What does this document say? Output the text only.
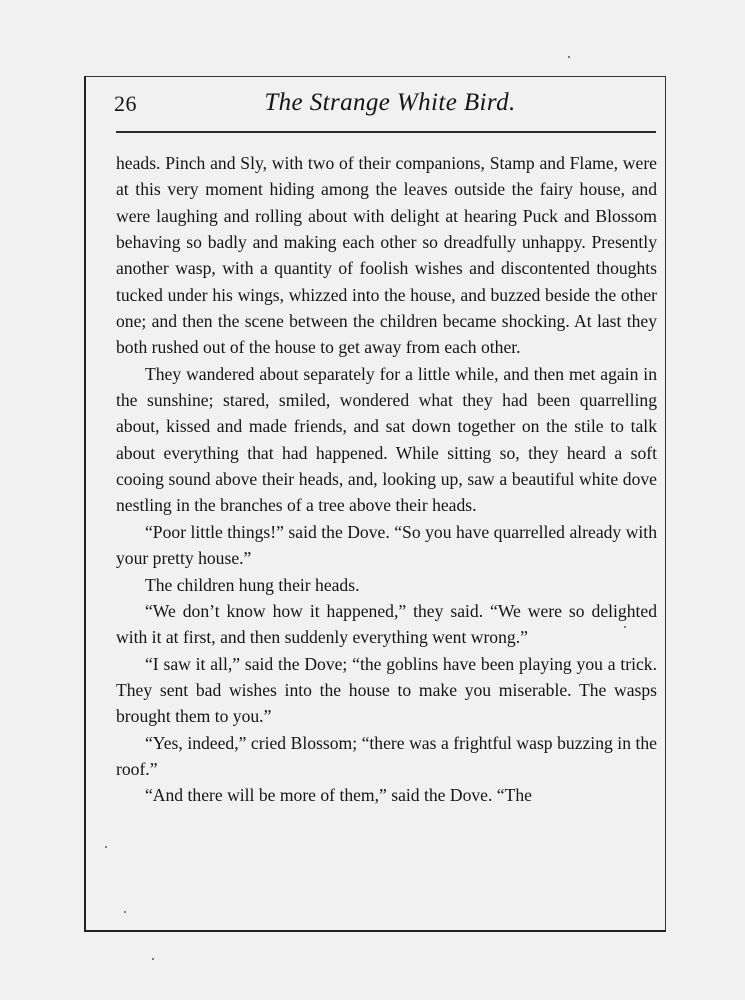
26	The Strange White Bird.

heads. Pinch and Sly, with two of their companions, Stamp and Flame, were at this very moment hiding among the leaves outside the fairy house, and were laughing and rolling about with delight at hearing Puck and Blossom behaving so badly and making each other so dreadfully unhappy. Presently another wasp, with a quantity of foolish wishes and discontented thoughts tucked under his wings, whizzed into the house, and buzzed beside the other one; and then the scene between the children became shocking. At last they both rushed out of the house to get away from each other.

They wandered about separately for a little while, and then met again in the sunshine; stared, smiled, wondered what they had been quarrelling about, kissed and made friends, and sat down together on the stile to talk about everything that had happened. While sitting so, they heard a soft cooing sound above their heads, and, looking up, saw a beautiful white dove nestling in the branches of a tree above their heads.

“Poor little things!” said the Dove. “So you have quarrelled already with your pretty house.”

The children hung their heads.

“We don’t know how it happened,” they said. “We were so delighted with it at first, and then suddenly everything went wrong.”

“I saw it all,” said the Dove; “the goblins have been playing you a trick. They sent bad wishes into the house to make you miserable. The wasps brought them to you.”

“Yes, indeed,” cried Blossom; “there was a frightful wasp buzzing in the roof.”

“And there will be more of them,” said the Dove. “The
